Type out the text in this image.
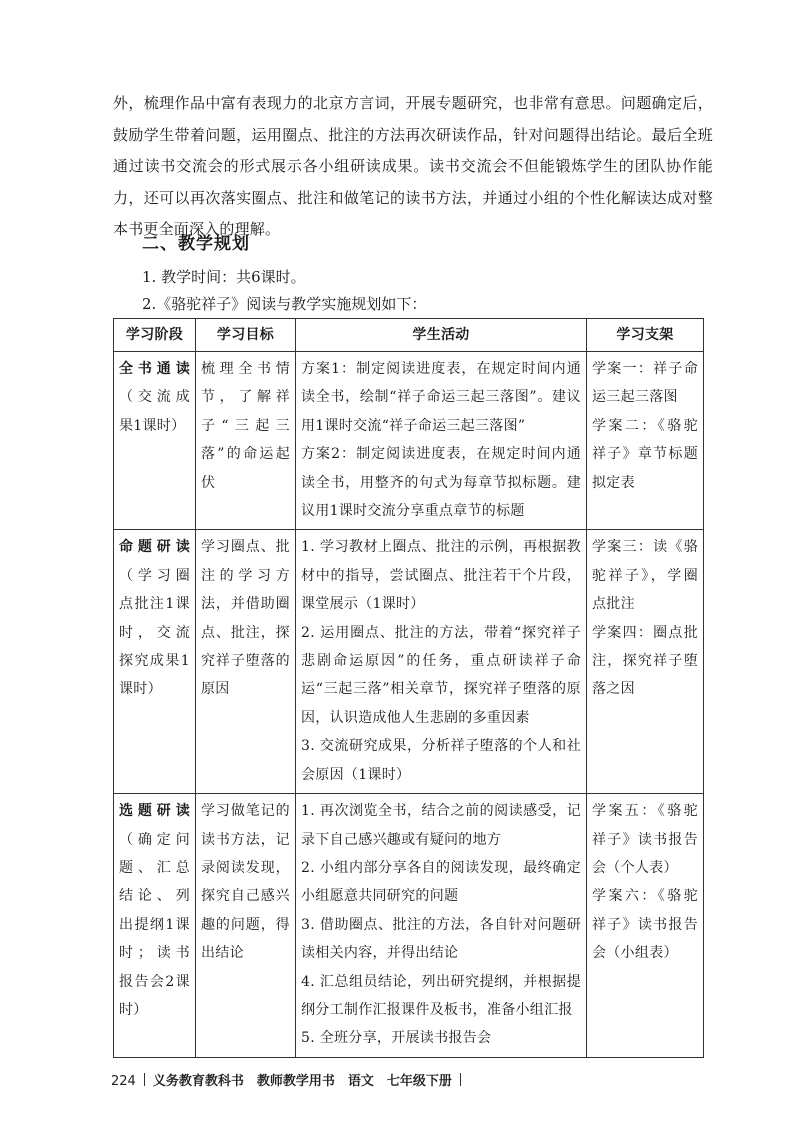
外，梳理作品中富有表现力的北京方言词，开展专题研究，也非常有意思。问题确定后，鼓励学生带着问题，运用圈点、批注的方法再次研读作品，针对问题得出结论。最后全班通过读书交流会的形式展示各小组研读成果。读书交流会不但能锻炼学生的团队协作能力，还可以再次落实圈点、批注和做笔记的读书方法，并通过小组的个性化解读达成对整本书更全面深入的理解。

二、教学规划

1. 教学时间：共6课时。

2.《骆驼祥子》阅读与教学实施规划如下：

学习阶段	学习目标	学生活动	学习支架
全书通读（交流成果1课时）	梳理全书情节，了解祥子“三起三落”的命运起伏	方案1：制定阅读进度表，在规定时间内通读全书，绘制“祥子命运三起三落图”。建议用1课时交流“祥子命运三起三落图”
方案2：制定阅读进度表，在规定时间内通读全书，用整齐的句式为每章节拟标题。建议用1课时交流分享重点章节的标题	学案一：祥子命运三起三落图
学案二：《骆驼祥子》章节标题拟定表

命题研读（学习圈点批注1课时，交流探究成果1课时）	学习圈点、批注的学习方法，并借助圈点、批注，探究祥子堕落的原因	1. 学习教材上圈点、批注的示例，再根据教材中的指导，尝试圈点、批注若干个片段，课堂展示（1课时）
2. 运用圈点、批注的方法，带着“探究祥子悲剧命运原因”的任务，重点研读祥子命运“三起三落”相关章节，探究祥子堕落的原因，认识造成他人生悲剧的多重因素
3. 交流研究成果，分析祥子堕落的个人和社会原因（1课时）	学案三：读《骆驼祥子》，学圈点批注
学案四：圈点批注，探究祥子堕落之因

选题研读（确定问题、汇总结论、列出提纲1课时；读书报告会2课时）	学习做笔记的读书方法，记录阅读发现，探究自己感兴趣的问题，得出结论	1. 再次浏览全书，结合之前的阅读感受，记录下自己感兴趣或有疑问的地方
2. 小组内部分享各自的阅读发现，最终确定小组愿意共同研究的问题
3. 借助圈点、批注的方法，各自针对问题研读相关内容，并得出结论
4. 汇总组员结论，列出研究提纲，并根据提纲分工制作汇报课件及板书，准备小组汇报
5. 全班分享，开展读书报告会	学案五：《骆驼祥子》读书报告会（个人表）
学案六：《骆驼祥子》读书报告会（小组表）
224 义务教育教科书　教师教学用书　语文　七年级下册
